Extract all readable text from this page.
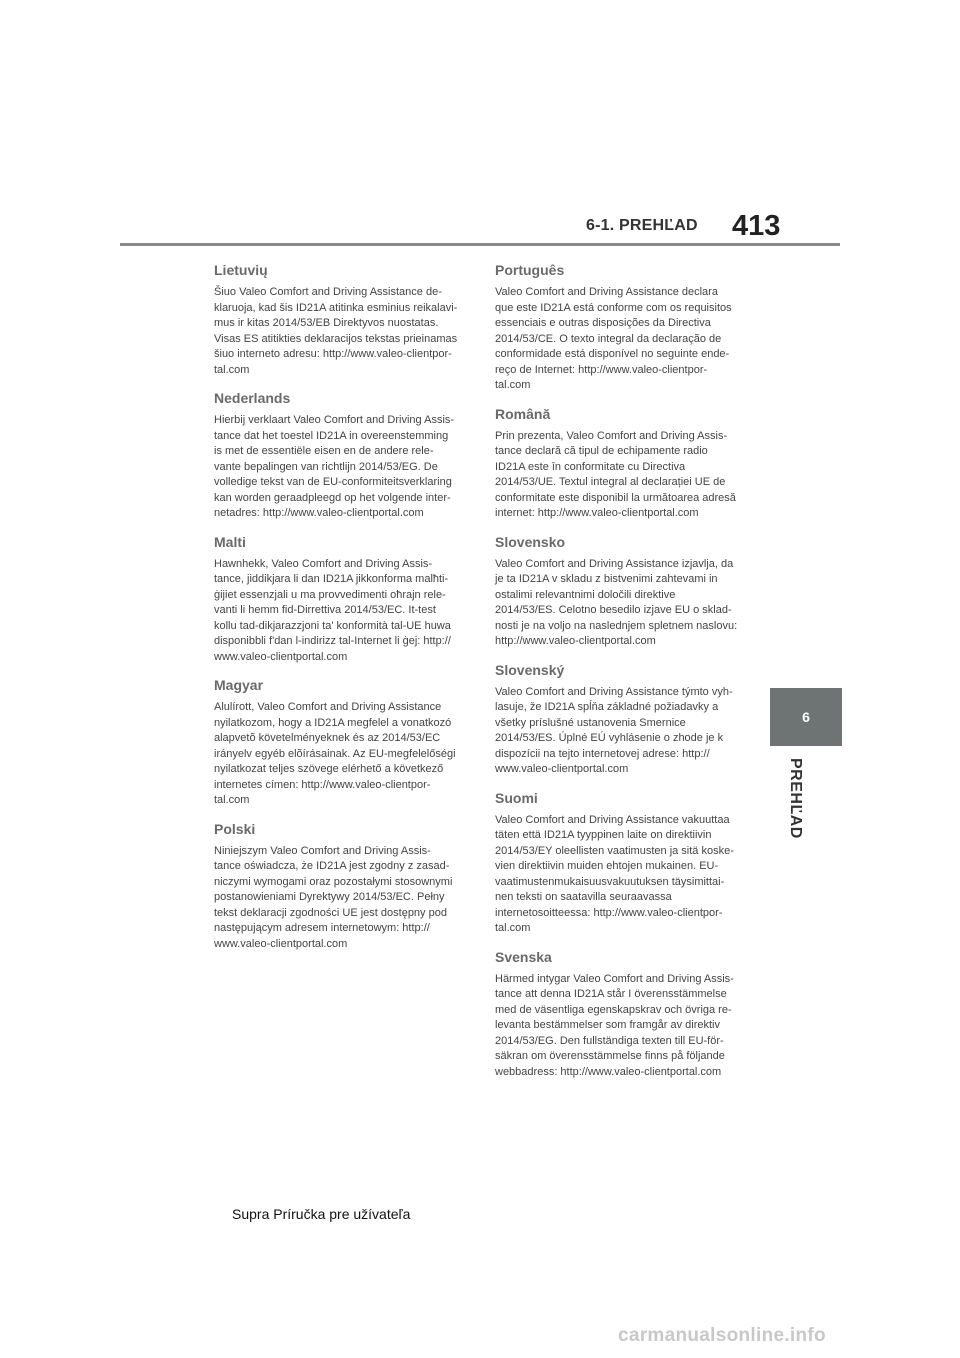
6-1. PREHĽAD 413
6
PREHĽAD
Lietuvių

Šiuo Valeo Comfort and Driving Assistance de-
klaruoja, kad šis ID21A atitinka esminius reikalavi-
mus ir kitas 2014/53/EB Direktyvos nuostatas.
Visas ES atitikties deklaracijos tekstas prieinamas
šiuo interneto adresu: http://www.valeo-clientpor-
tal.com

Nederlands

Hierbij verklaart Valeo Comfort and Driving Assis-
tance dat het toestel ID21A in overeenstemming
is met de essentiële eisen en de andere rele-
vante bepalingen van richtlijn 2014/53/EG. De
volledige tekst van de EU-conformiteitsverklaring
kan worden geraadpleegd op het volgende inter-
netadres: http://www.valeo-clientportal.com

Malti

Hawnhekk, Valeo Comfort and Driving Assis-
tance, jiddikjara li dan ID21A jikkonforma malħti-
ġijiet essenzjali u ma provvedimenti oħrajn rele-
vanti li hemm fid-Dirrettiva 2014/53/EC. It-test
kollu tad-dikjarazzjoni ta' konformità tal-UE huwa
disponibbli f'dan l-indirizz tal-Internet li ġej: http://
www.valeo-clientportal.com

Magyar

Alulírott, Valeo Comfort and Driving Assistance
nyilatkozom, hogy a ID21A megfelel a vonatkozó
alapvetõ követelményeknek és az 2014/53/EC
irányelv egyéb elõírásainak. Az EU-megfelelőségi
nyilatkozat teljes szövege elérhető a következő
internetes címen: http://www.valeo-clientpor-
tal.com

Polski

Niniejszym Valeo Comfort and Driving Assis-
tance oświadcza, że ID21A jest zgodny z zasad-
niczymi wymogami oraz pozostałymi stosownymi
postanowieniami Dyrektywy 2014/53/EC. Pełny
tekst deklaracji zgodności UE jest dostępny pod
następującym adresem internetowym: http://
www.valeo-clientportal.com

Português

Valeo Comfort and Driving Assistance declara
que este ID21A está conforme com os requisitos
essenciais e outras disposições da Directiva
2014/53/CE. O texto integral da declaração de
conformidade está disponível no seguinte ende-
reço de Internet: http://www.valeo-clientpor-
tal.com

Română

Prin prezenta, Valeo Comfort and Driving Assis-
tance declară că tipul de echipamente radio
ID21A este în conformitate cu Directiva
2014/53/UE. Textul integral al declarației UE de
conformitate este disponibil la următoarea adresă
internet: http://www.valeo-clientportal.com

Slovensko

Valeo Comfort and Driving Assistance izjavlja, da
je ta ID21A v skladu z bistvenimi zahtevami in
ostalimi relevantnimi določili direktive
2014/53/ES. Celotno besedilo izjave EU o sklad-
nosti je na voljo na naslednjem spletnem naslovu:
http://www.valeo-clientportal.com

Slovenský

Valeo Comfort and Driving Assistance týmto vyh-
lasuje, že ID21A spĺňa základné požiadavky a
všetky príslušné ustanovenia Smernice
2014/53/ES. Úplné EÚ vyhlásenie o zhode je k
dispozícii na tejto internetovej adrese: http://
www.valeo-clientportal.com

Suomi

Valeo Comfort and Driving Assistance vakuuttaa
täten että ID21A tyyppinen laite on direktiivin
2014/53/EY oleellisten vaatimusten ja sitä koske-
vien direktiivin muiden ehtojen mukainen. EU-
vaatimustenmukaisuusvakuutuksen täysimittai-
nen teksti on saatavilla seuraavassa
internetosoitteessa: http://www.valeo-clientpor-
tal.com

Svenska

Härmed intygar Valeo Comfort and Driving Assis-
tance att denna ID21A står I överensstämmelse
med de väsentliga egenskapskrav och övriga re-
levanta bestämmelser som framgår av direktiv
2014/53/EG. Den fullständiga texten till EU-för-
säkran om överensstämmelse finns på följande
webbadress: http://www.valeo-clientportal.com

Supra Príručka pre užívateľa
carmanualsonline.info
